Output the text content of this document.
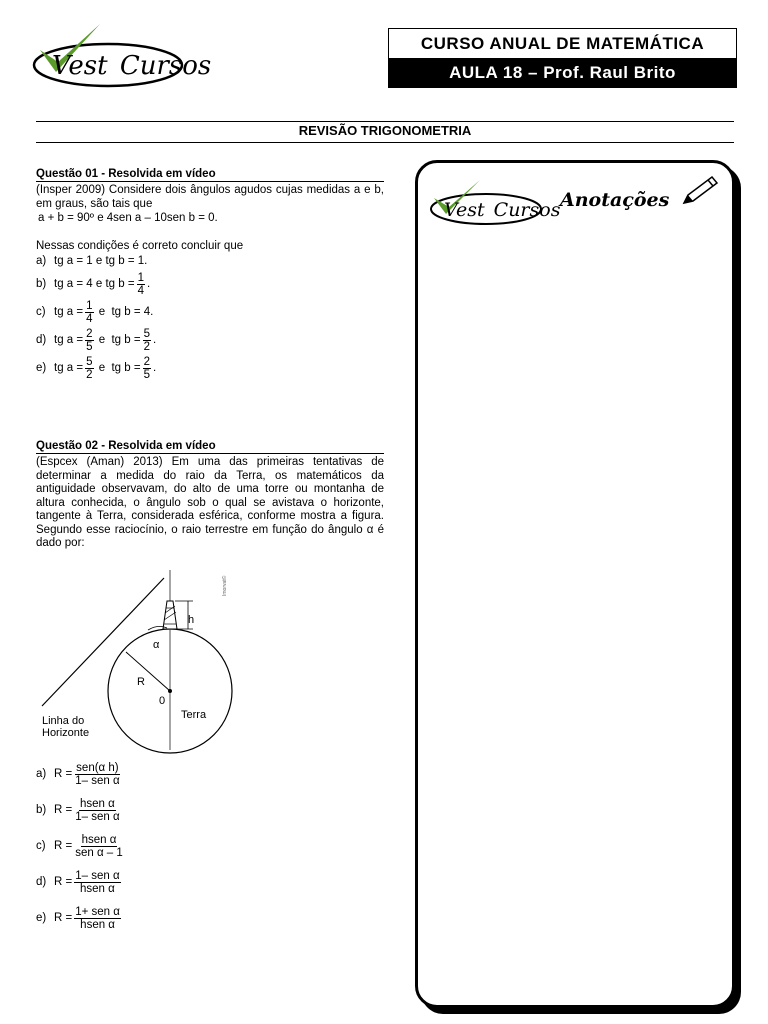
Vest Cursos
CURSO ANUAL DE MATEMÁTICA
AULA 18 – Prof. Raul Brito
REVISÃO TRIGONOMETRIA
Questão 01 - Resolvida em vídeo
(Insper 2009) Considere dois ângulos agudos cujas medidas a e b, em graus, são tais que
a + b = 90º e 4sen a – 10sen b = 0.
Nessas condições é correto concluir que
a) tg a = 1 e tg b = 1.
b) tg a = 4 e tg $b = \frac{1}{4}$ .
c) tg $a = \frac{1}{4}$ e  tg b = 4.
d) tg $a = \frac{2}{5}$ e  tg $b = \frac{5}{2}$ .
e) tg $a = \frac{5}{2}$ e  tg $b = \frac{2}{5}$ .
Questão 02 - Resolvida em vídeo
(Espcex (Aman) 2013) Em uma das primeiras tentativas de determinar a medida do raio da Terra, os matemáticos da antiguidade observavam, do alto de uma torre ou montanha de altura conhecida, o ângulo sob o qual se avistava o horizonte, tangente à Terra, considerada esférica, conforme mostra a figura. Segundo esse raciocínio, o raio terrestre em função do ângulo α é dado por:
h
α
R
0
Terra
Linha do
Horizonte
Imorvat©
a) $R = \frac{\text{sen(α h)}}{\text{1– sen α}}$
b) $R = \frac{\text{hsen α}}{\text{1– sen α}}$
c) $R = \frac{\text{hsen α}}{\text{sen α – 1}}$
d) $R = \frac{\text{1– sen α}}{\text{hsen α}}$
e) $R = \frac{\text{1+ sen α}}{\text{hsen α}}$
Vest Cursos Anotações
